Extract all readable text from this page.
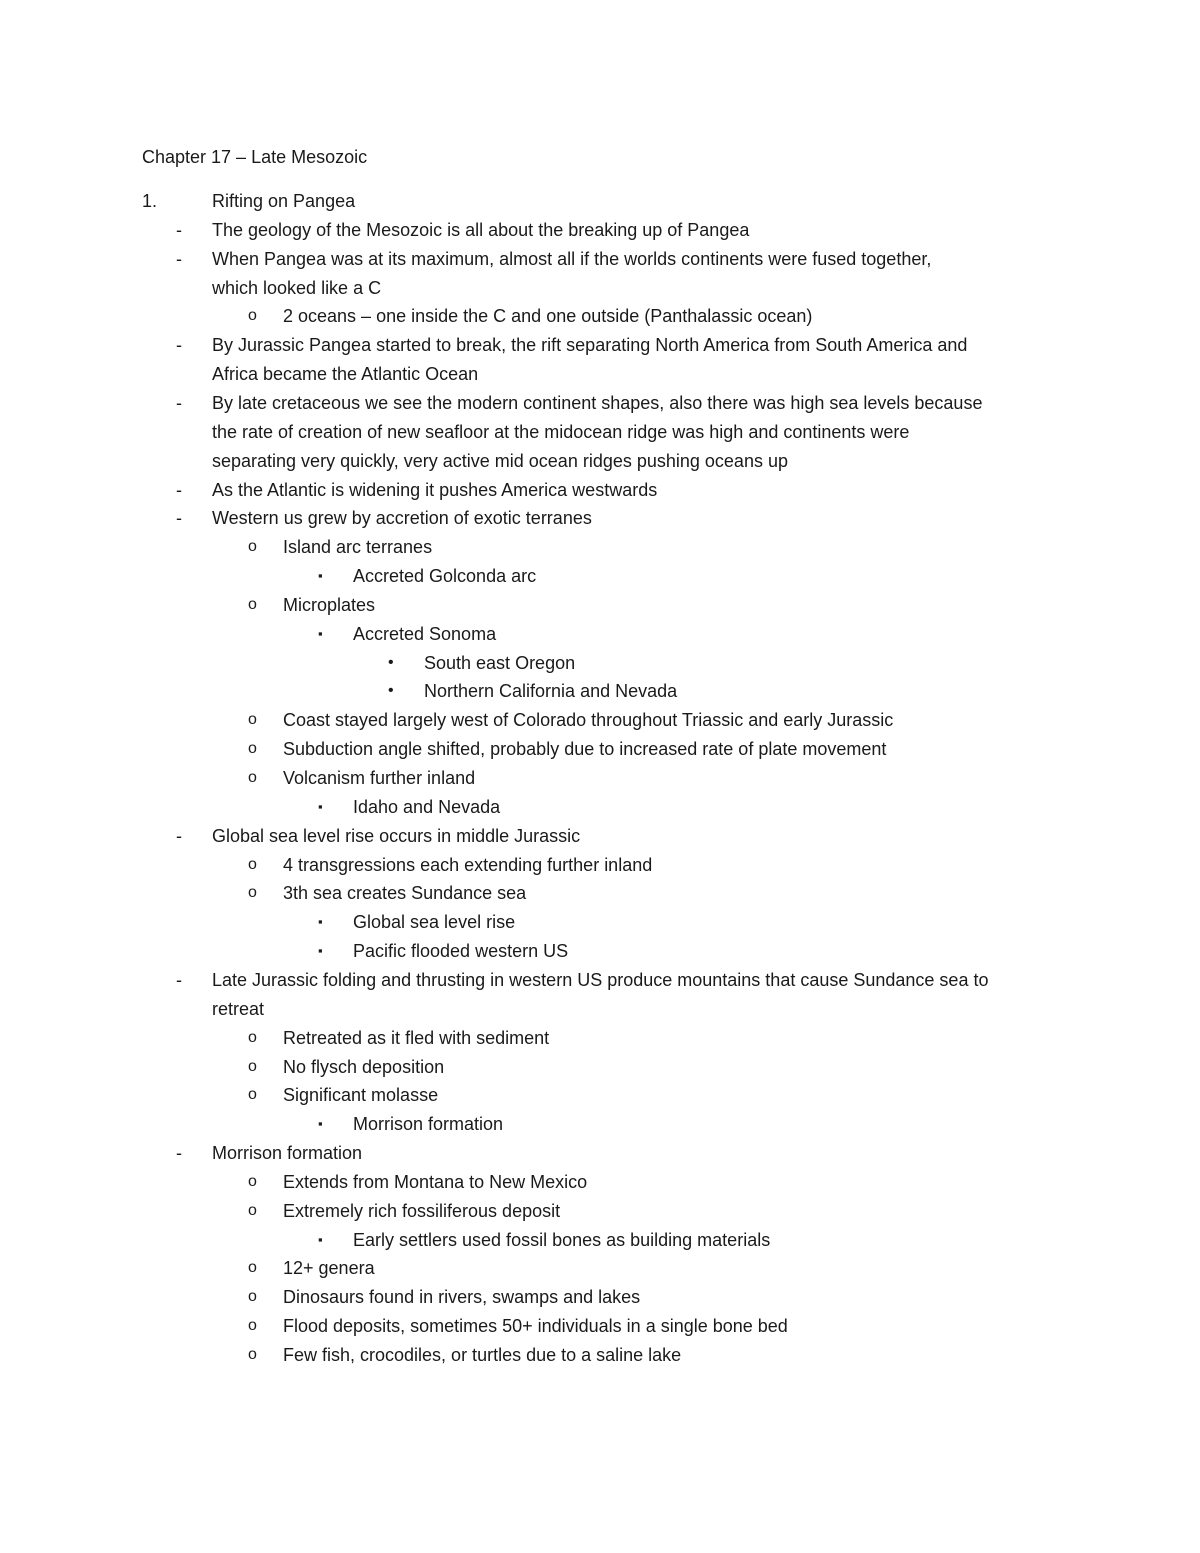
Chapter 17 – Late Mesozoic
1.	Rifting on Pangea
- The geology of the Mesozoic is all about the breaking up of Pangea
- When Pangea was at its maximum, almost all if the worlds continents were fused together,
which looked like a C
o 2 oceans – one inside the C and one outside (Panthalassic ocean)
- By Jurassic Pangea started to break, the rift separating North America from South America and
Africa became the Atlantic Ocean
- By late cretaceous we see the modern continent shapes, also there was high sea levels because
the rate of creation of new seafloor at the midocean ridge was high and continents were
separating very quickly, very active mid ocean ridges pushing oceans up
- As the Atlantic is widening it pushes America westwards
- Western us grew by accretion of exotic terranes
o Island arc terranes
▪ Accreted Golconda arc
o Microplates
▪ Accreted Sonoma
• South east Oregon
• Northern California and Nevada
o Coast stayed largely west of Colorado throughout Triassic and early Jurassic
o Subduction angle shifted, probably due to increased rate of plate movement
o Volcanism further inland
▪ Idaho and Nevada
- Global sea level rise occurs in middle Jurassic
o 4 transgressions each extending further inland
o 3th sea creates Sundance sea
▪ Global sea level rise
▪ Pacific flooded western US
- Late Jurassic folding and thrusting in western US produce mountains that cause Sundance sea to
retreat
o Retreated as it fled with sediment
o No flysch deposition
o Significant molasse
▪ Morrison formation
- Morrison formation
o Extends from Montana to New Mexico
o Extremely rich fossiliferous deposit
▪ Early settlers used fossil bones as building materials
o 12+ genera
o Dinosaurs found in rivers, swamps and lakes
o Flood deposits, sometimes 50+ individuals in a single bone bed
o Few fish, crocodiles, or turtles due to a saline lake
